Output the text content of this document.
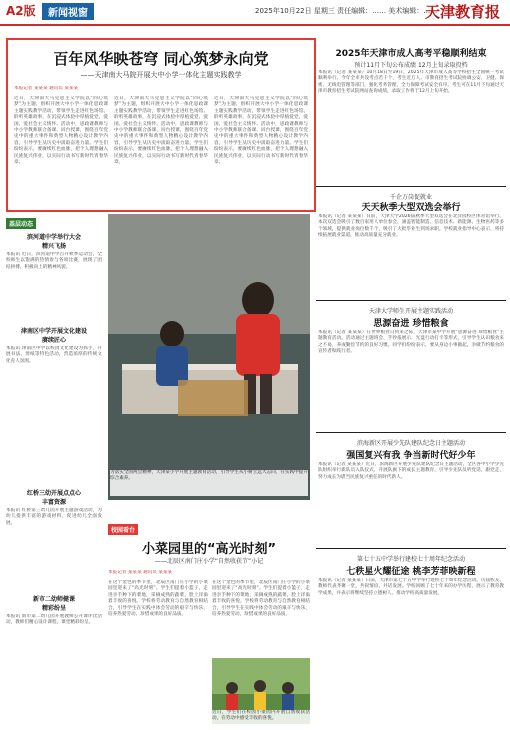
A2版	新闻视窗	2025年10月22日 星期三 责任编辑：…… 美术编辑：……
天津教育报
百年风华映苍穹 同心筑梦永向党
——天津南大马院开展大中小学一体化主题实践教学
本报记者 某某某 通讯员 某某某
近日，天津南大马克思主义学院以“同心筑梦”为主题，组织开展大中小学一体化思政课主题实践教学活动，带领学生走进红色场馆、聆听英雄故事，在沉浸式体验中厚植爱党、爱国、爱社会主义情怀。活动中，思政课教师与中小学教师联合备课、同台授课，围绕百年党史中的重大事件和典型人物精心设计教学内容，引导学生从历史中汲取奋进力量。学生们纷纷表示，要赓续红色血脉，把个人理想融入民族复兴伟业，以实际行动书写新时代青春华章。
近日，天津南大马克思主义学院以“同心筑梦”为主题，组织开展大中小学一体化思政课主题实践教学活动，带领学生走进红色场馆、聆听英雄故事，在沉浸式体验中厚植爱党、爱国、爱社会主义情怀。活动中，思政课教师与中小学教师联合备课、同台授课，围绕百年党史中的重大事件和典型人物精心设计教学内容，引导学生从历史中汲取奋进力量。学生们纷纷表示，要赓续红色血脉，把个人理想融入民族复兴伟业，以实际行动书写新时代青春华章。
近日，天津南大马克思主义学院以“同心筑梦”为主题，组织开展大中小学一体化思政课主题实践教学活动，带领学生走进红色场馆、聆听英雄故事，在沉浸式体验中厚植爱党、爱国、爱社会主义情怀。活动中，思政课教师与中小学教师联合备课、同台授课，围绕百年党史中的重大事件和典型人物精心设计教学内容，引导学生从历史中汲取奋进力量。学生们纷纷表示，要赓续红色血脉，把个人理想融入民族复兴伟业，以实际行动书写新时代青春华章。
2025年天津市成人高考平稳顺利结束
预计11月下旬公布成绩 12月上旬录取投档
本报讯（记者 某某某）10月18日至19日，2025年天津市成人高等学校招生全国统一考试顺利举行。今年全市共设考点若干个，考生近万人。市教育招生考试院协调公安、卫健、保密、无线电管理等部门，强化考务管理，全力保障考试安全有序。考生可在11月下旬通过天津市教育招生考试院网站查询成绩，录取工作将于12月上旬开始。
千企万岗促就业
天天秋季大型双选会举行
本报讯（记者 某某某）日前，天津大学2026届秋季大型双选会在北洋园校区体育馆举行。本次双选会吸引了数百家用人单位参会，涵盖智能制造、信息技术、新能源、生物医药等多个领域，提供就业岗位数千个，吸引了大批毕业生到场求职。学校就业指导中心表示，将持续拓展就业渠道，推动高质量充分就业。
天津大学师生开展主题实践活动
思源奋进 珍惜粮食
本报讯（记者 某某某）在世界粮食日到来之际，天津市某中学开展“思源奋进 珍惜粮食”主题教育活动。活动通过主题班会、手抄报展示、光盘行动打卡等形式，引导学生认识粮食来之不易，养成勤俭节约的良好习惯。同学们纷纷表示，要从身边小事做起，争做节约粮食的宣传者和践行者。
滨海新区开展少先队建队纪念日主题活动
强国复兴有我 争当新时代好少年
本报讯（记者 某某某）近日，滨海新区开展少先队建队纪念日主题活动，全区各中小学少先队组织举行新队员入队仪式，开展队旗下的成长主题教育，引导少先队员听党话、跟党走，努力成长为堪当民族复兴重任的时代新人。
第七十五中学举行建校七十周年纪念活动
七秩星火耀征途 桃李芳菲映新程
本报讯（记者 某某某）日前，天津市第七十五中学举行建校七十周年纪念活动。历届校友、教师代表齐聚一堂，共叙情谊，共话发展。学校回顾了七十年来的办学历程，展示了教育教学成果，并表示将继续坚持立德树人，推动学校高质量发展。
基层动态
滨河道中学举行大会
精兴飞扬
本报讯 近日，滨河道中学召开秋季运动会，全校师生以饱满的热情参与各项比赛，展现了团结拼搏、积极向上的精神风貌。
津南区中学开展文化建设
赓续匠心
本报讯 津南区中学以校园文化建设为抓手，开展书法、剪纸等特色活动，营造浓厚的传统文化育人氛围。
红桥三幼开展点点心
丰富资源
本报讯 红桥第三幼儿园开展主题游戏活动，为幼儿提供丰富的游戏材料，促进幼儿全面发展。
新市二幼师健课
精彩纷呈
本报讯 新市第二幼儿园开展教师公开课评比活动，教师们精心设计课程，课堂精彩纷呈。
为落实全国两会精神，天津某小学开展主题教育活动，引导学生从小树立远大志向，在实践中提升综合素养。
校园看台
小菜园里的“高光时刻”
——北辰区南门庄小学“自然收获节”小记
本报记者 某某某 通讯员 某某某
在这个金色的季节里，北辰区南门庄小学的小菜园里迎来了“高光时刻”。学生们提着小篮子，走进亲手种下的菜地，采摘成熟的蔬菜，脸上洋溢着丰收的喜悦。学校将劳动教育与自然教育相结合，引导学生在实践中体会劳动的艰辛与快乐，培养热爱劳动、珍惜成果的良好品质。
在这个金色的季节里，北辰区南门庄小学的小菜园里迎来了“高光时刻”。学生们提着小篮子，走进亲手种下的菜地，采摘成熟的蔬菜，脸上洋溢着丰收的喜悦。学校将劳动教育与自然教育相结合，引导学生在实践中体会劳动的艰辛与快乐，培养热爱劳动、珍惜成果的良好品质。
近日，学生们在校园小菜园内开展自然收获活动，在劳动中感受丰收的喜悦。
